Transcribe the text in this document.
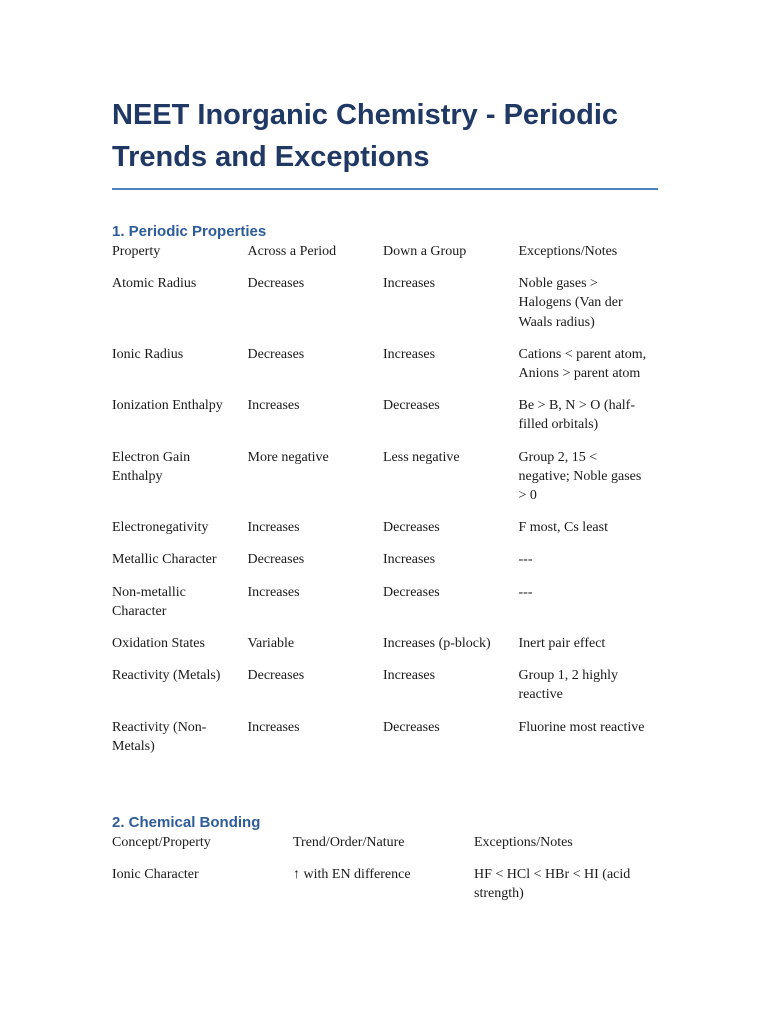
NEET Inorganic Chemistry - Periodic Trends and Exceptions
1. Periodic Properties
Property	Across a Period	Down a Group	Exceptions/Notes
Atomic Radius	Decreases	Increases	Noble gases > Halogens (Van der Waals radius)
Ionic Radius	Decreases	Increases	Cations < parent atom, Anions > parent atom
Ionization Enthalpy	Increases	Decreases	Be > B, N > O (half-filled orbitals)
Electron Gain Enthalpy	More negative	Less negative	Group 2, 15 < negative; Noble gases > 0
Electronegativity	Increases	Decreases	F most, Cs least
Metallic Character	Decreases	Increases	---
Non-metallic Character	Increases	Decreases	---
Oxidation States	Variable	Increases (p-block)	Inert pair effect
Reactivity (Metals)	Decreases	Increases	Group 1, 2 highly reactive
Reactivity (Non-Metals)	Increases	Decreases	Fluorine most reactive
2. Chemical Bonding
Concept/Property	Trend/Order/Nature	Exceptions/Notes
Ionic Character	↑ with EN difference	HF < HCl < HBr < HI (acid strength)
